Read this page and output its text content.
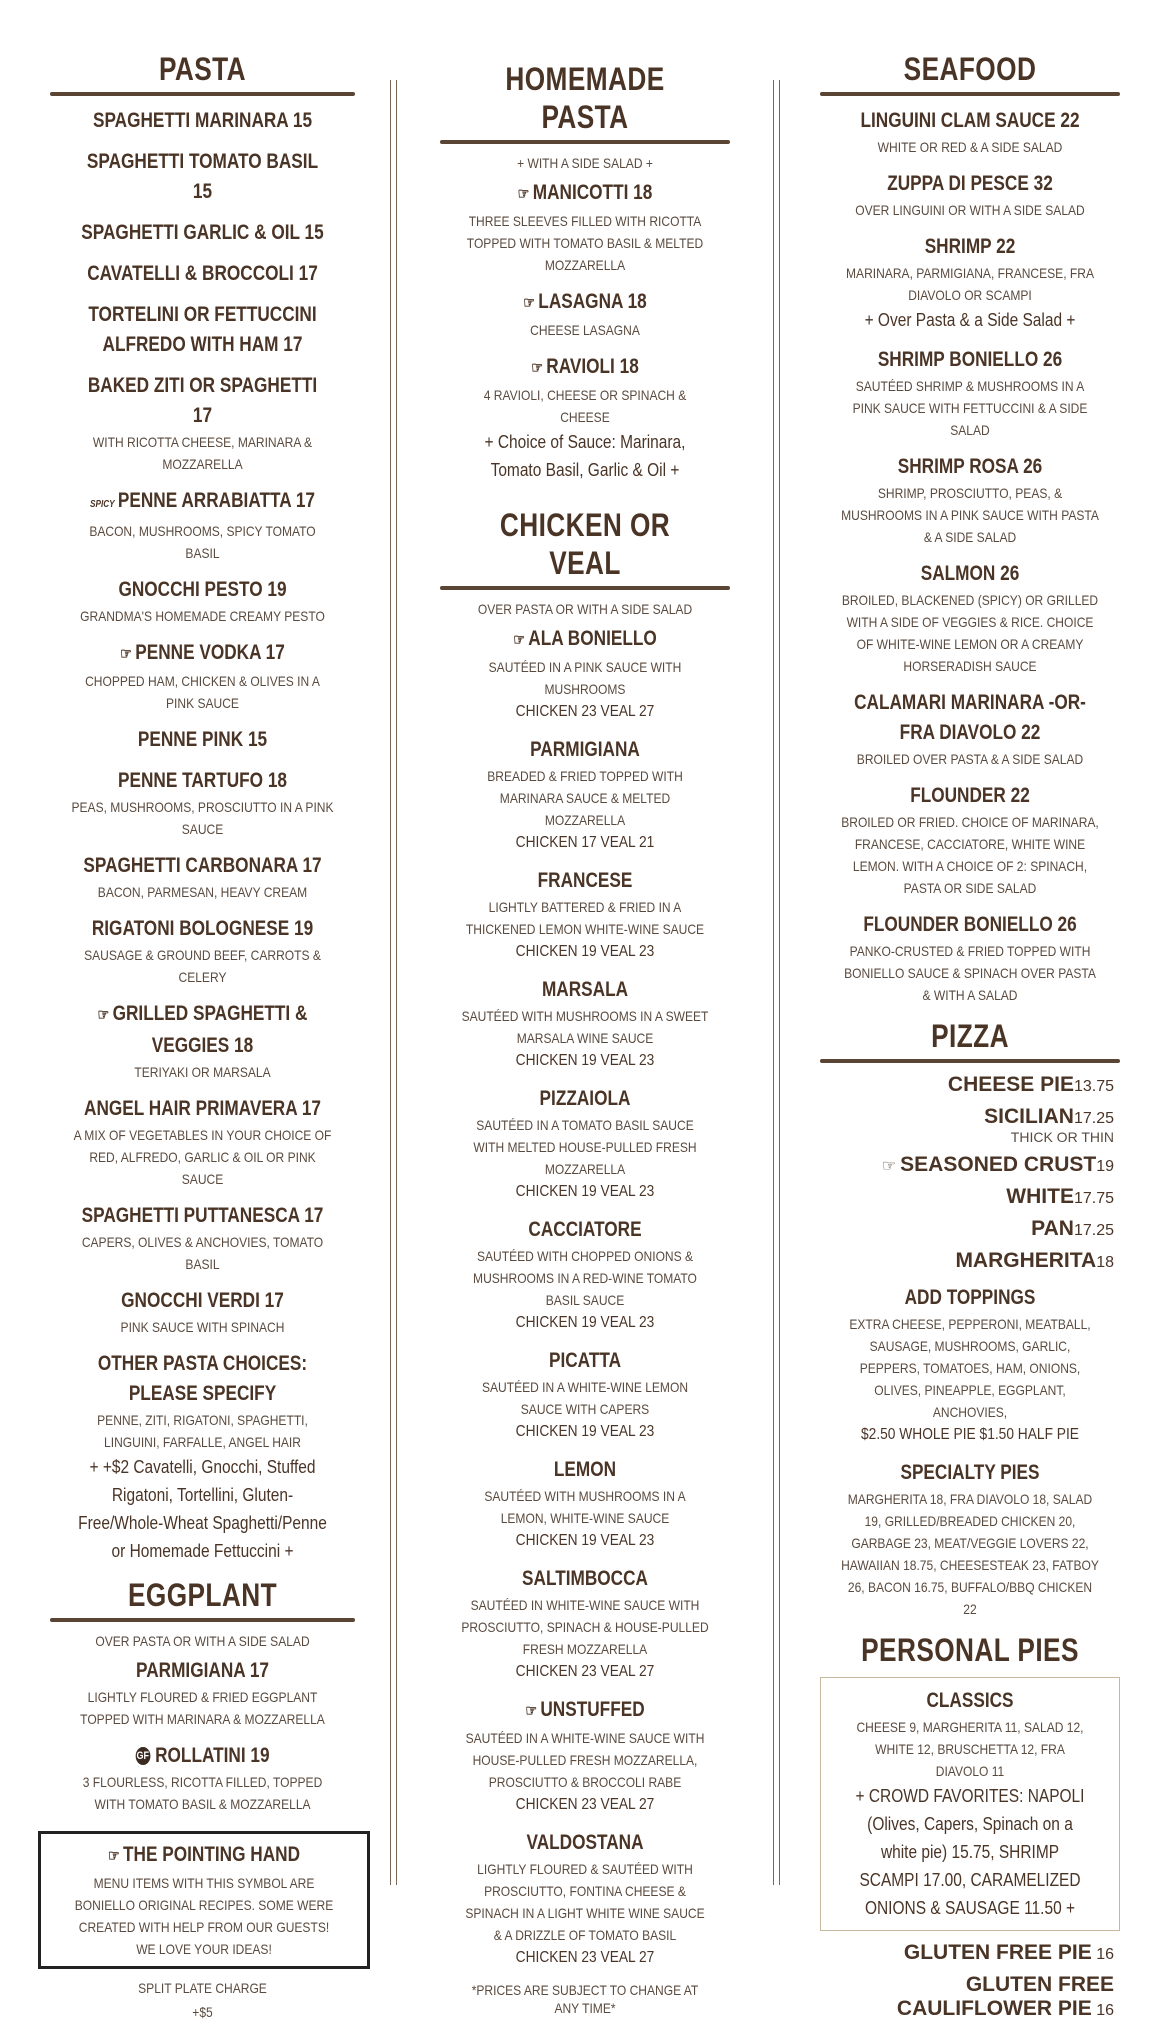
PASTA
SPAGHETTI MARINARA 15
SPAGHETTI TOMATO BASIL 15
SPAGHETTI GARLIC & OIL 15
CAVATELLI & BROCCOLI 17
TORTELINI OR FETTUCCINI ALFREDO WITH HAM 17
BAKED ZITI OR SPAGHETTI 17
WITH RICOTTA CHEESE, MARINARA & MOZZARELLA
SPICY PENNE ARRABIATTA 17
BACON, MUSHROOMS, SPICY TOMATO BASIL
GNOCCHI PESTO 19
GRANDMA'S HOMEMADE CREAMY PESTO
☞ PENNE VODKA 17
CHOPPED HAM, CHICKEN & OLIVES IN A PINK SAUCE
PENNE PINK 15
PENNE TARTUFO 18
PEAS, MUSHROOMS, PROSCIUTTO IN A PINK SAUCE
SPAGHETTI CARBONARA 17
BACON, PARMESAN, HEAVY CREAM
RIGATONI BOLOGNESE 19
SAUSAGE & GROUND BEEF, CARROTS & CELERY
☞ GRILLED SPAGHETTI & VEGGIES 18
TERIYAKI OR MARSALA
ANGEL HAIR PRIMAVERA 17
A MIX OF VEGETABLES IN YOUR CHOICE OF RED, ALFREDO, GARLIC & OIL OR PINK SAUCE
SPAGHETTI PUTTANESCA 17
CAPERS, OLIVES & ANCHOVIES, TOMATO BASIL
GNOCCHI VERDI 17
PINK SAUCE WITH SPINACH
OTHER PASTA CHOICES: PLEASE SPECIFY
PENNE, ZITI, RIGATONI, SPAGHETTI, LINGUINI, FARFALLE, ANGEL HAIR
+ +$2 Cavatelli, Gnocchi, Stuffed Rigatoni, Tortellini, Gluten-Free/Whole-Wheat Spaghetti/Penne or Homemade Fettuccini +
EGGPLANT
OVER PASTA OR WITH A SIDE SALAD
PARMIGIANA 17
LIGHTLY FLOURED & FRIED EGGPLANT TOPPED WITH MARINARA & MOZZARELLA
GF ROLLATINI 19
3 FLOURLESS, RICOTTA FILLED, TOPPED WITH TOMATO BASIL & MOZZARELLA
☞ THE POINTING HAND
MENU ITEMS WITH THIS SYMBOL ARE BONIELLO ORIGINAL RECIPES. SOME WERE CREATED WITH HELP FROM OUR GUESTS! WE LOVE YOUR IDEAS!
SPLIT PLATE CHARGE
+$5
HOMEMADE PASTA
+ WITH A SIDE SALAD +
☞ MANICOTTI 18
THREE SLEEVES FILLED WITH RICOTTA TOPPED WITH TOMATO BASIL & MELTED MOZZARELLA
☞ LASAGNA 18
CHEESE LASAGNA
☞ RAVIOLI 18
4 RAVIOLI, CHEESE OR SPINACH & CHEESE
+ Choice of Sauce: Marinara, Tomato Basil, Garlic & Oil +
CHICKEN OR VEAL
OVER PASTA OR WITH A SIDE SALAD
☞ ALA BONIELLO
SAUTÉED IN A PINK SAUCE WITH MUSHROOMS
CHICKEN 23 VEAL 27
PARMIGIANA
BREADED & FRIED TOPPED WITH MARINARA SAUCE & MELTED MOZZARELLA
CHICKEN 17 VEAL 21
FRANCESE
LIGHTLY BATTERED & FRIED IN A THICKENED LEMON WHITE-WINE SAUCE
CHICKEN 19 VEAL 23
MARSALA
SAUTÉED WITH MUSHROOMS IN A SWEET MARSALA WINE SAUCE
CHICKEN 19 VEAL 23
PIZZAIOLA
SAUTÉED IN A TOMATO BASIL SAUCE WITH MELTED HOUSE-PULLED FRESH MOZZARELLA
CHICKEN 19 VEAL 23
CACCIATORE
SAUTÉED WITH CHOPPED ONIONS & MUSHROOMS IN A RED-WINE TOMATO BASIL SAUCE
CHICKEN 19 VEAL 23
PICATTA
SAUTÉED IN A WHITE-WINE LEMON SAUCE WITH CAPERS
CHICKEN 19 VEAL 23
LEMON
SAUTÉED WITH MUSHROOMS IN A LEMON, WHITE-WINE SAUCE
CHICKEN 19 VEAL 23
SALTIMBOCCA
SAUTÉED IN WHITE-WINE SAUCE WITH PROSCIUTTO, SPINACH & HOUSE-PULLED FRESH MOZZARELLA
CHICKEN 23 VEAL 27
☞ UNSTUFFED
SAUTÉED IN A WHITE-WINE SAUCE WITH HOUSE-PULLED FRESH MOZZARELLA, PROSCIUTTO & BROCCOLI RABE
CHICKEN 23 VEAL 27
VALDOSTANA
LIGHTLY FLOURED & SAUTÉED WITH PROSCIUTTO, FONTINA CHEESE & SPINACH IN A LIGHT WHITE WINE SAUCE & A DRIZZLE OF TOMATO BASIL
CHICKEN 23 VEAL 27
*PRICES ARE SUBJECT TO CHANGE AT ANY TIME*
SEAFOOD
LINGUINI CLAM SAUCE 22
WHITE OR RED & A SIDE SALAD
ZUPPA DI PESCE 32
OVER LINGUINI OR WITH A SIDE SALAD
SHRIMP 22
MARINARA, PARMIGIANA, FRANCESE, FRA DIAVOLO OR SCAMPI
+ Over Pasta & a Side Salad +
SHRIMP BONIELLO 26
SAUTÉED SHRIMP & MUSHROOMS IN A PINK SAUCE WITH FETTUCCINI & A SIDE SALAD
SHRIMP ROSA 26
SHRIMP, PROSCIUTTO, PEAS, & MUSHROOMS IN A PINK SAUCE WITH PASTA & A SIDE SALAD
SALMON 26
BROILED, BLACKENED (SPICY) OR GRILLED WITH A SIDE OF VEGGIES & RICE. CHOICE OF WHITE-WINE LEMON OR A CREAMY HORSERADISH SAUCE
CALAMARI MARINARA -OR- FRA DIAVOLO 22
BROILED OVER PASTA & A SIDE SALAD
FLOUNDER 22
BROILED OR FRIED. CHOICE OF MARINARA, FRANCESE, CACCIATORE, WHITE WINE LEMON. WITH A CHOICE OF 2: SPINACH, PASTA OR SIDE SALAD
FLOUNDER BONIELLO 26
PANKO-CRUSTED & FRIED TOPPED WITH BONIELLO SAUCE & SPINACH OVER PASTA & WITH A SALAD
PIZZA
CHEESE PIE13.75
SICILIAN17.25
THICK OR THIN
☞ SEASONED CRUST19
WHITE17.75
PAN17.25
MARGHERITA18
ADD TOPPINGS
EXTRA CHEESE, PEPPERONI, MEATBALL, SAUSAGE, MUSHROOMS, GARLIC, PEPPERS, TOMATOES, HAM, ONIONS, OLIVES, PINEAPPLE, EGGPLANT, ANCHOVIES,
$2.50 WHOLE PIE $1.50 HALF PIE
SPECIALTY PIES
MARGHERITA 18, FRA DIAVOLO 18, SALAD 19, GRILLED/BREADED CHICKEN 20, GARBAGE 23, MEAT/VEGGIE LOVERS 22, HAWAIIAN 18.75, CHEESESTEAK 23, FATBOY 26, BACON 16.75, BUFFALO/BBQ CHICKEN 22
PERSONAL PIES
CLASSICS
CHEESE 9, MARGHERITA 11, SALAD 12, WHITE 12, BRUSCHETTA 12, FRA DIAVOLO 11
+ CROWD FAVORITES: NAPOLI (Olives, Capers, Spinach on a white pie) 15.75, SHRIMP SCAMPI 17.00, CARAMELIZED ONIONS & SAUSAGE 11.50 +
GLUTEN FREE PIE 16
GLUTEN FREE CAULIFLOWER PIE 16
